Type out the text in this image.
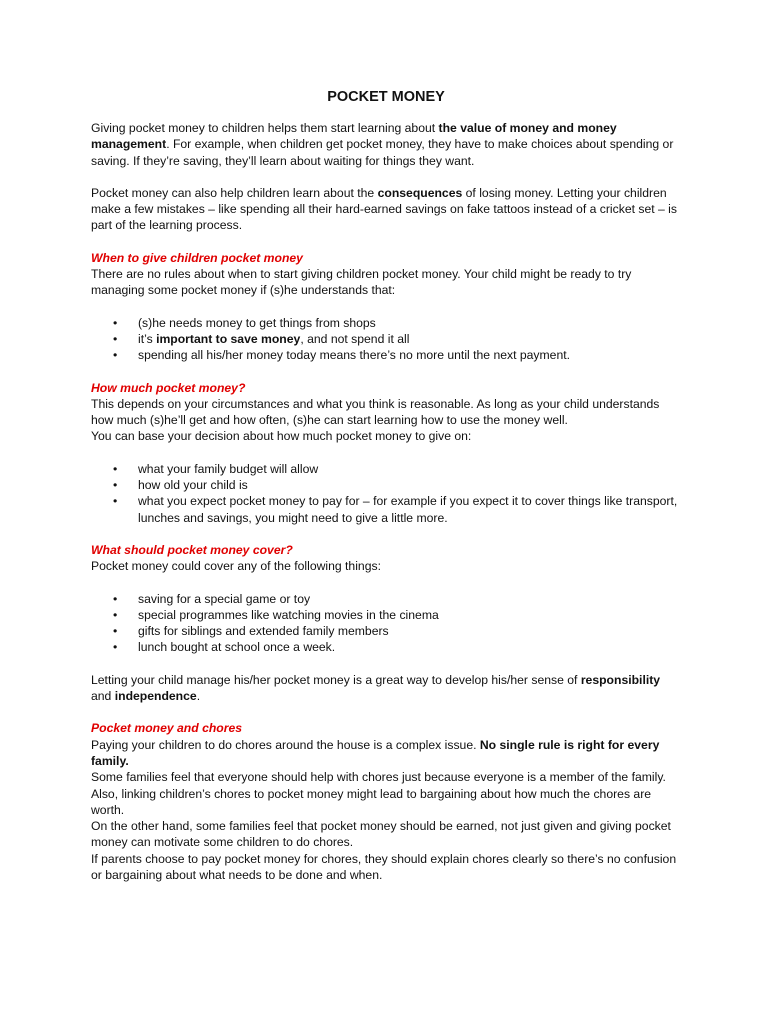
POCKET MONEY

Giving pocket money to children helps them start learning about the value of money and money management. For example, when children get pocket money, they have to make choices about spending or saving. If they’re saving, they’ll learn about waiting for things they want.

Pocket money can also help children learn about the consequences of losing money. Letting your children make a few mistakes – like spending all their hard-earned savings on fake tattoos instead of a cricket set – is part of the learning process.

When to give children pocket money

There are no rules about when to start giving children pocket money. Your child might be ready to try managing some pocket money if (s)he understands that:

• (s)he needs money to get things from shops
• it’s important to save money, and not spend it all
• spending all his/her money today means there’s no more until the next payment.

How much pocket money?

This depends on your circumstances and what you think is reasonable. As long as your child understands how much (s)he’ll get and how often, (s)he can start learning how to use the money well.

You can base your decision about how much pocket money to give on:

• what your family budget will allow
• how old your child is
• what you expect pocket money to pay for – for example if you expect it to cover things like transport, lunches and savings, you might need to give a little more.

What should pocket money cover?

Pocket money could cover any of the following things:

• saving for a special game or toy
• special programmes like watching movies in the cinema
• gifts for siblings and extended family members
• lunch bought at school once a week.

Letting your child manage his/her pocket money is a great way to develop his/her sense of responsibility and independence.

Pocket money and chores

Paying your children to do chores around the house is a complex issue. No single rule is right for every family.

Some families feel that everyone should help with chores just because everyone is a member of the family. Also, linking children’s chores to pocket money might lead to bargaining about how much the chores are worth.

On the other hand, some families feel that pocket money should be earned, not just given and giving pocket money can motivate some children to do chores.

If parents choose to pay pocket money for chores, they should explain chores clearly so there’s no confusion or bargaining about what needs to be done and when.
